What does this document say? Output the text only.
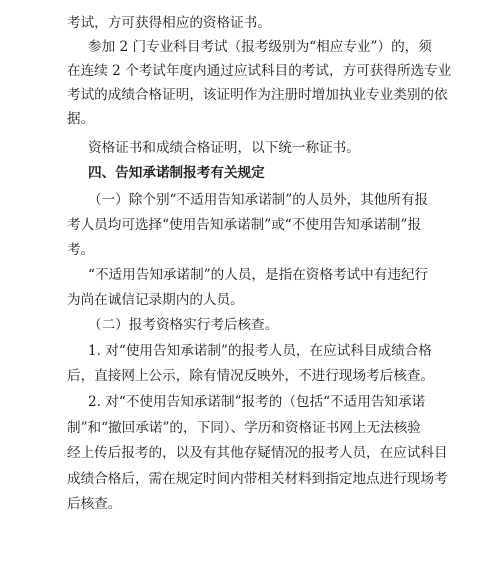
考试，方可获得相应的资格证书。
参加 2 门专业科目考试（报考级别为“相应专业”）的，须
在连续 2 个考试年度内通过应试科目的考试，方可获得所选专业
考试的成绩合格证明，该证明作为注册时增加执业专业类别的依
据。
资格证书和成绩合格证明，以下统一称证书。
四、告知承诺制报考有关规定
（一）除个别“不适用告知承诺制”的人员外，其他所有报
考人员均可选择“使用告知承诺制”或“不使用告知承诺制”报
考。
“不适用告知承诺制”的人员，是指在资格考试中有违纪行
为尚在诚信记录期内的人员。
（二）报考资格实行考后核查。
1. 对“使用告知承诺制”的报考人员，在应试科目成绩合格
后，直接网上公示，除有情况反映外，不进行现场考后核查。
2. 对“不使用告知承诺制”报考的（包括“不适用告知承诺
制”和“撤回承诺”的，下同）、学历和资格证书网上无法核验
经上传后报考的，以及有其他存疑情况的报考人员，在应试科目
成绩合格后，需在规定时间内带相关材料到指定地点进行现场考
后核查。
